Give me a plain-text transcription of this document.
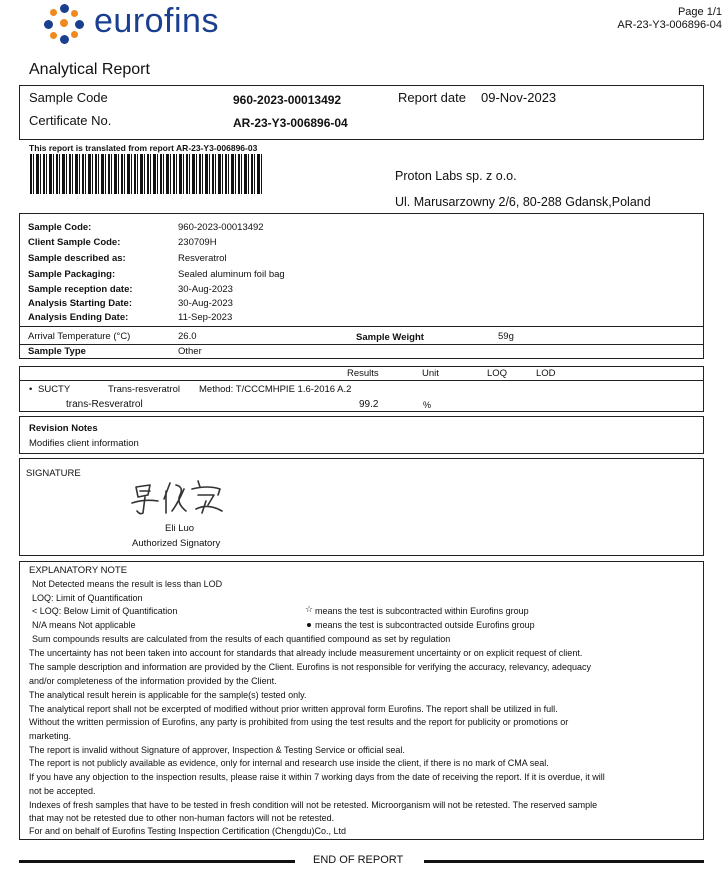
eurofins	Page 1/1
AR-23-Y3-006896-04
Analytical Report
Sample Code	960-2023-00013492	Report date 09-Nov-2023
Certificate No.	AR-23-Y3-006896-04
This report is translated from report AR-23-Y3-006896-03
Proton Labs sp. z o.o.
Ul. Marusarzowny 2/6, 80-288 Gdansk,Poland
Sample Code:	960-2023-00013492
Client Sample Code:	230709H
Sample described as:	Resveratrol
Sample Packaging:	Sealed aluminum foil bag
Sample reception date:	30-Aug-2023
Analysis Starting Date:	30-Aug-2023
Analysis Ending Date:	11-Sep-2023
Arrival Temperature (°C)	26.0	Sample Weight	59g
Sample Type	Other
Results	Unit	LOQ	LOD
• SUCTY	Trans-resveratrol Method: T/CCCMHPIE 1.6-2016 A.2
trans-Resveratrol	99.2	%
Revision Notes
Modifies client information
SIGNATURE
Eli Luo
Authorized Signatory
EXPLANATORY NOTE
Not Detected means the result is less than LOD
LOQ: Limit of Quantification
< LOQ: Below Limit of Quantification
N/A means Not applicable
☆ means the test is subcontracted within Eurofins group
means the test is subcontracted outside Eurofins group
Sum compounds results are calculated from the results of each quantified compound as set by regulation
The uncertainty has not been taken into account for standards that already include measurement uncertainty or on explicit request of client.
The sample description and information are provided by the Client. Eurofins is not responsible for verifying the accuracy, relevancy, adequacy
and/or completeness of the information provided by the Client.
The analytical result herein is applicable for the sample(s) tested only.
The analytical report shall not be excerpted of modified without prior written approval form Eurofins. The report shall be utilized in full.
Without the written permission of Eurofins, any party is prohibited from using the test results and the report for publicity or promotions or
marketing.
The report is invalid without Signature of approver, Inspection & Testing Service or official seal.
The report is not publicly available as evidence, only for internal and research use inside the client, if there is no mark of CMA seal.
If you have any objection to the inspection results, please raise it within 7 working days from the date of receiving the report. If it is overdue, it will
not be accepted.
Indexes of fresh samples that have to be tested in fresh condition will not be retested. Microorganism will not be retested. The reserved sample
that may not be retested due to other non-human factors will not be retested.
For and on behalf of Eurofins Testing Inspection Certification (Chengdu)Co., Ltd
END OF REPORT
